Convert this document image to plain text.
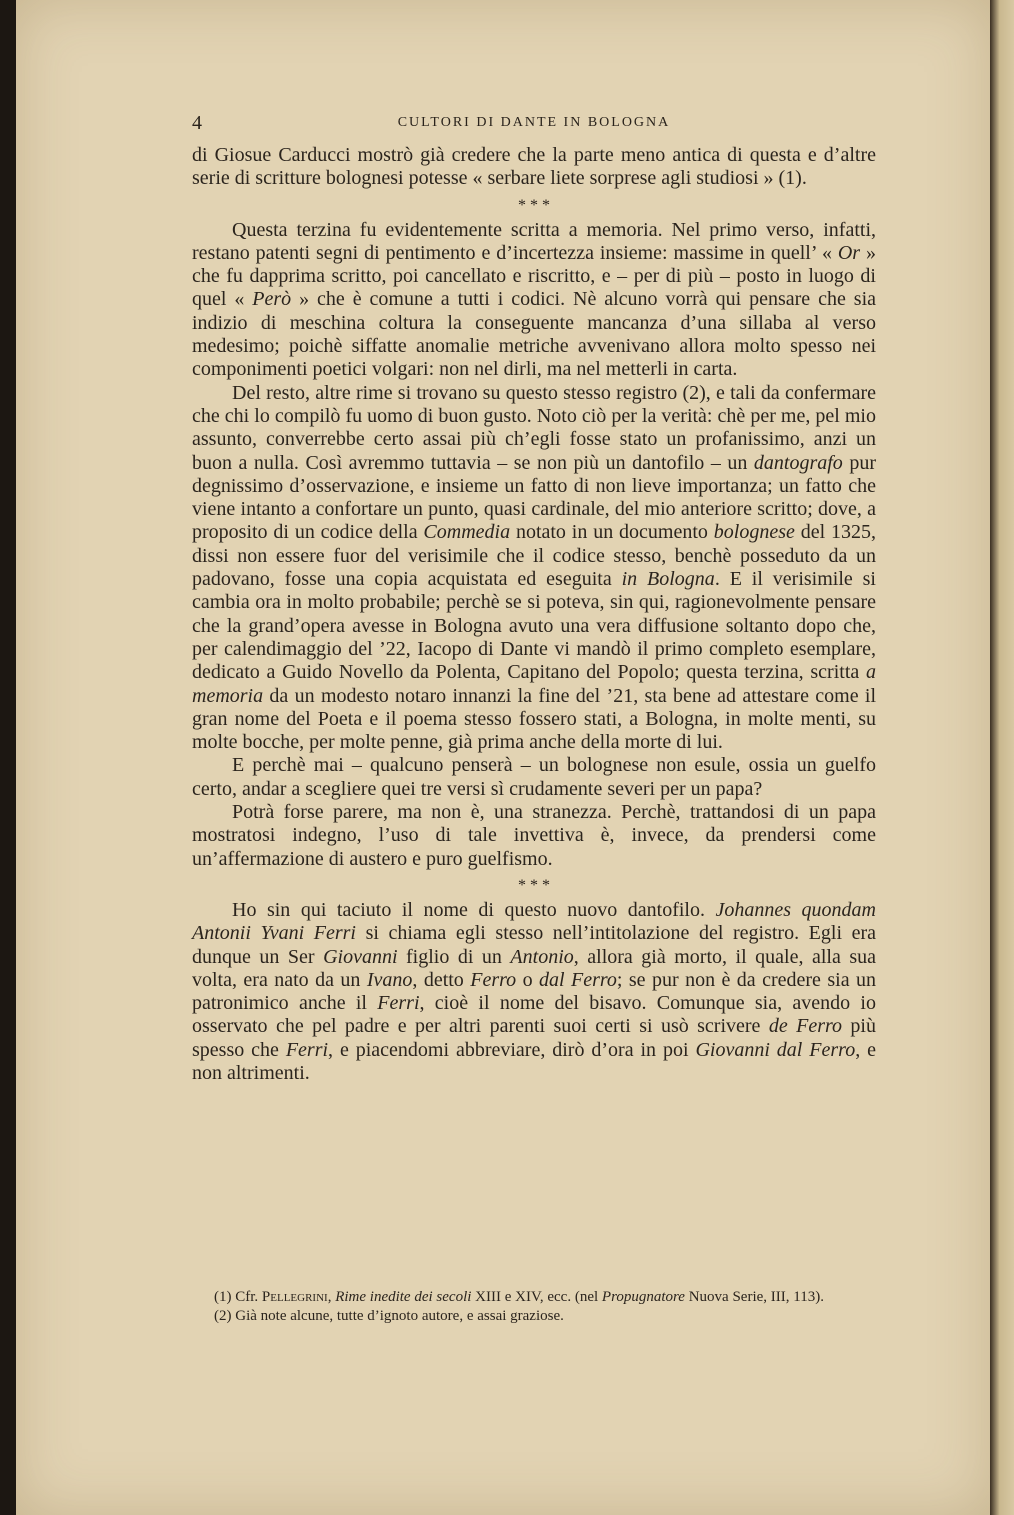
4	CULTORI DI DANTE IN BOLOGNA

di Giosue Carducci mostrò già credere che la parte meno antica di questa e d’altre serie di scritture bolognesi potesse « serbare liete sorprese agli studiosi » (1).

* * *

Questa terzina fu evidentemente scritta a memoria. Nel primo verso, infatti, restano patenti segni di pentimento e d’incertezza insieme: massime in quell’ « Or » che fu dapprima scritto, poi cancellato e riscritto, e – per di più – posto in luogo di quel « Però » che è comune a tutti i codici. Nè alcuno vorrà qui pensare che sia indizio di meschina coltura la conseguente mancanza d’una sillaba al verso medesimo; poichè siffatte anomalie metriche avvenivano allora molto spesso nei componimenti poetici volgari: non nel dirli, ma nel metterli in carta.

Del resto, altre rime si trovano su questo stesso registro (2), e tali da confermare che chi lo compilò fu uomo di buon gusto. Noto ciò per la verità: chè per me, pel mio assunto, converrebbe certo assai più ch’egli fosse stato un profanissimo, anzi un buon a nulla. Così avremmo tuttavia – se non più un dantofilo – un dantografo pur degnissimo d’osservazione, e insieme un fatto di non lieve importanza; un fatto che viene intanto a confortare un punto, quasi cardinale, del mio anteriore scritto; dove, a proposito di un codice della Commedia notato in un documento bolognese del 1325, dissi non essere fuor del verisimile che il codice stesso, benchè posseduto da un padovano, fosse una copia acquistata ed eseguita in Bologna. E il verisimile si cambia ora in molto probabile; perchè se si poteva, sin qui, ragionevolmente pensare che la grand’opera avesse in Bologna avuto una vera diffusione soltanto dopo che, per calendimaggio del ’22, Iacopo di Dante vi mandò il primo completo esemplare, dedicato a Guido Novello da Polenta, Capitano del Popolo; questa terzina, scritta a memoria da un modesto notaro innanzi la fine del ’21, sta bene ad attestare come il gran nome del Poeta e il poema stesso fossero stati, a Bologna, in molte menti, su molte bocche, per molte penne, già prima anche della morte di lui.

E perchè mai – qualcuno penserà – un bolognese non esule, ossia un guelfo certo, andar a scegliere quei tre versi sì crudamente severi per un papa?

Potrà forse parere, ma non è, una stranezza. Perchè, trattandosi di un papa mostratosi indegno, l’uso di tale invettiva è, invece, da prendersi come un’affermazione di austero e puro guelfismo.

* * *

Ho sin qui taciuto il nome di questo nuovo dantofilo. Johannes quondam Antonii Yvani Ferri si chiama egli stesso nell’intitolazione del registro. Egli era dunque un Ser Giovanni figlio di un Antonio, allora già morto, il quale, alla sua volta, era nato da un Ivano, detto Ferro o dal Ferro; se pur non è da credere sia un patronimico anche il Ferri, cioè il nome del bisavo. Comunque sia, avendo io osservato che pel padre e per altri parenti suoi certi si usò scrivere de Ferro più spesso che Ferri, e piacendomi abbreviare, dirò d’ora in poi Giovanni dal Ferro, e non altrimenti.

(1) Cfr. Pellegrini, Rime inedite dei secoli XIII e XIV, ecc. (nel Propugnatore Nuova Serie, III, 113).

(2) Già note alcune, tutte d’ignoto autore, e assai graziose.
